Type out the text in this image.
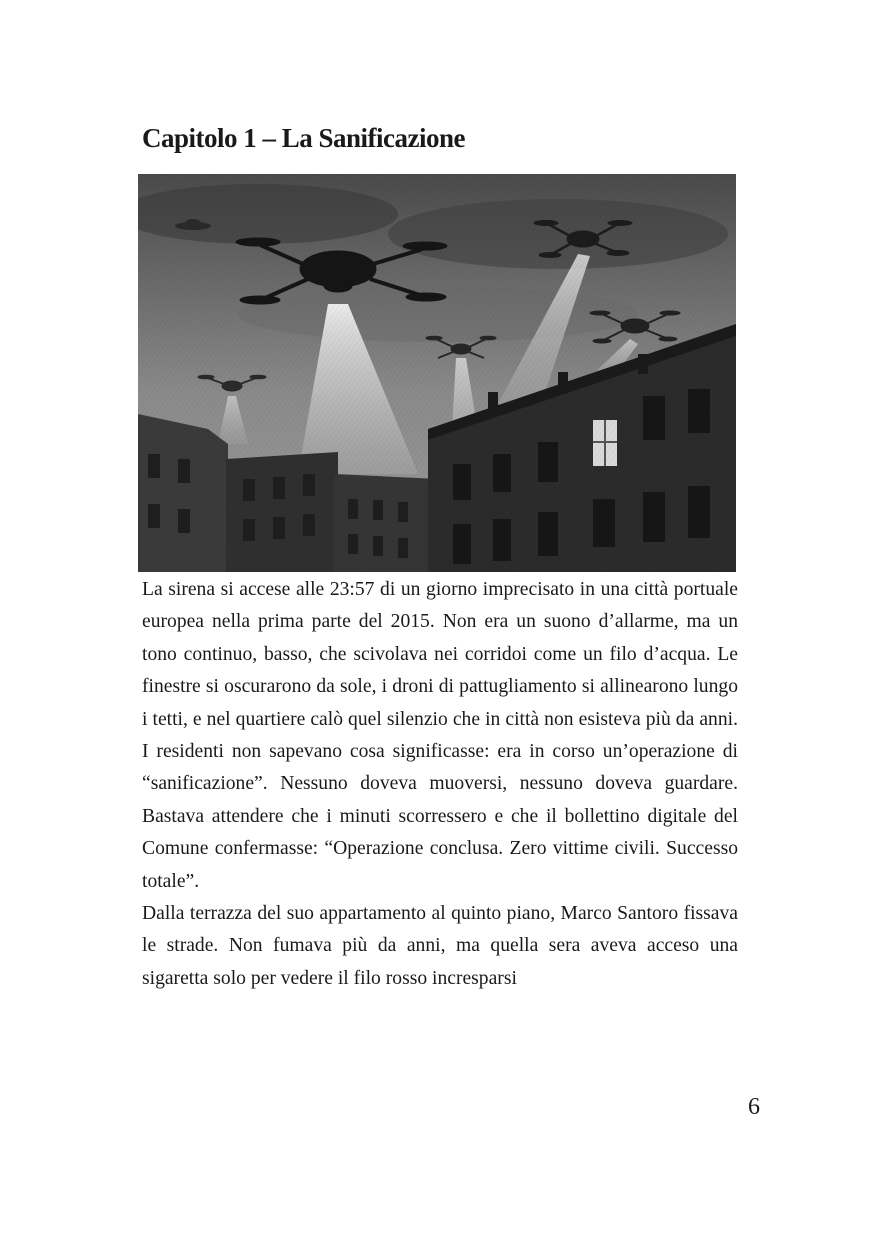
Capitolo 1 – La Sanificazione

La sirena si accese alle 23:57 di un giorno imprecisato in una città portuale europea nella prima parte del 2015. Non era un suono d’allarme, ma un tono continuo, basso, che scivolava nei corridoi come un filo d’acqua. Le finestre si oscurarono da sole, i droni di pattugliamento si allinearono lungo i tetti, e nel quartiere calò quel silenzio che in città non esisteva più da anni. I residenti non sapevano cosa significasse: era in corso un’operazione di “sanificazione”. Nessuno doveva muoversi, nessuno doveva guardare. Bastava attendere che i minuti scorressero e che il bollettino digitale del Comune confermasse: “Operazione conclusa. Zero vittime civili. Successo totale”.

Dalla terrazza del suo appartamento al quinto piano, Marco Santoro fissava le strade. Non fumava più da anni, ma quella sera aveva acceso una sigaretta solo per vedere il filo rosso incresparsi

6
